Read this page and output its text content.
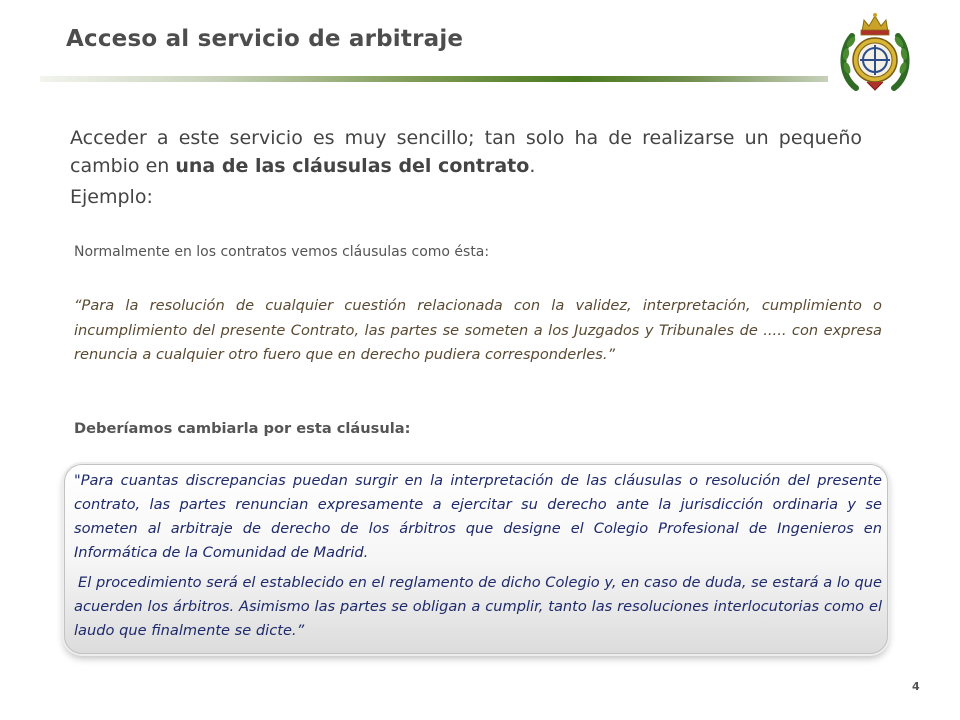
Acceso al servicio de arbitraje
Acceder a este servicio es muy sencillo; tan solo ha de realizarse un pequeño cambio en una de las cláusulas del contrato.
Ejemplo:
Normalmente en los contratos vemos cláusulas como ésta:
“Para la resolución de cualquier cuestión relacionada con la validez, interpretación, cumplimiento o incumplimiento del presente Contrato, las partes se someten a los Juzgados y Tribunales de ..... con expresa renuncia a cualquier otro fuero que en derecho pudiera corresponderles.”
Deberíamos cambiarla por esta cláusula:

"Para cuantas discrepancias puedan surgir en la interpretación de las cláusulas o resolución del presente contrato, las partes renuncian expresamente a ejercitar su derecho ante la jurisdicción ordinaria y se someten al arbitraje de derecho de los árbitros que designe el Colegio Profesional de Ingenieros en Informática de la Comunidad de Madrid.

El procedimiento será el establecido en el reglamento de dicho Colegio y, en caso de duda, se estará a lo que acuerden los árbitros. Asimismo las partes se obligan a cumplir, tanto las resoluciones interlocutorias como el laudo que finalmente se dicte.”

4
